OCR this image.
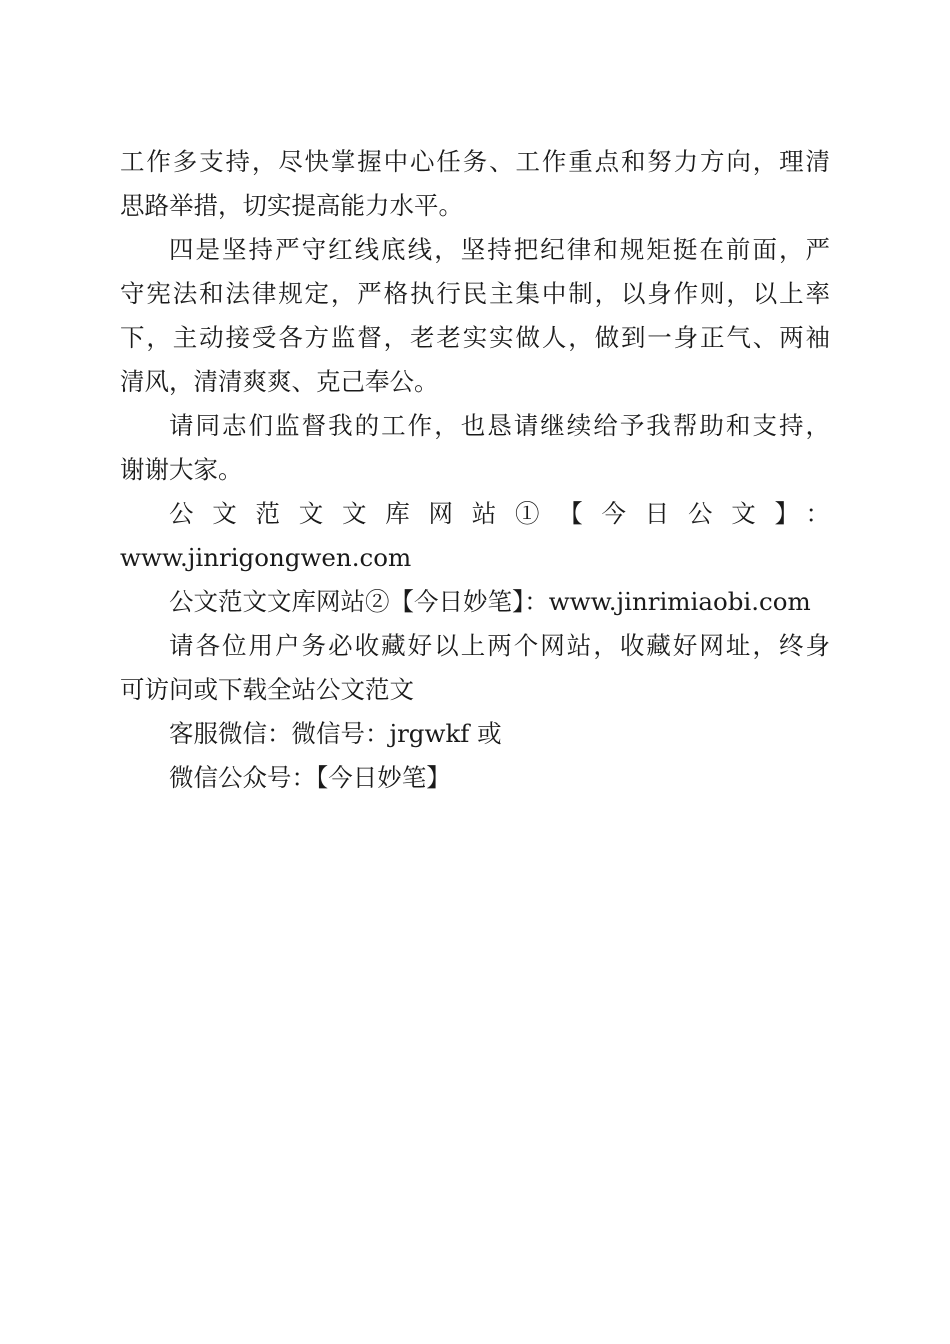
工作多支持，尽快掌握中心任务、工作重点和努力方向，理清
思路举措，切实提高能力水平。
四是坚持严守红线底线，坚持把纪律和规矩挺在前面，严
守宪法和法律规定，严格执行民主集中制，以身作则，以上率
下，主动接受各方监督，老老实实做人，做到一身正气、两袖
清风，清清爽爽、克己奉公。
请同志们监督我的工作，也恳请继续给予我帮助和支持，
谢谢大家。
公文范文文库网站①【今日公文】：
www.jinrigongwen.com
公文范文文库网站②【今日妙笔】：www.jinrimiaobi.com
请各位用户务必收藏好以上两个网站，收藏好网址，终身
可访问或下载全站公文范文
客服微信：微信号：jrgwkf 或
微信公众号：【今日妙笔】
